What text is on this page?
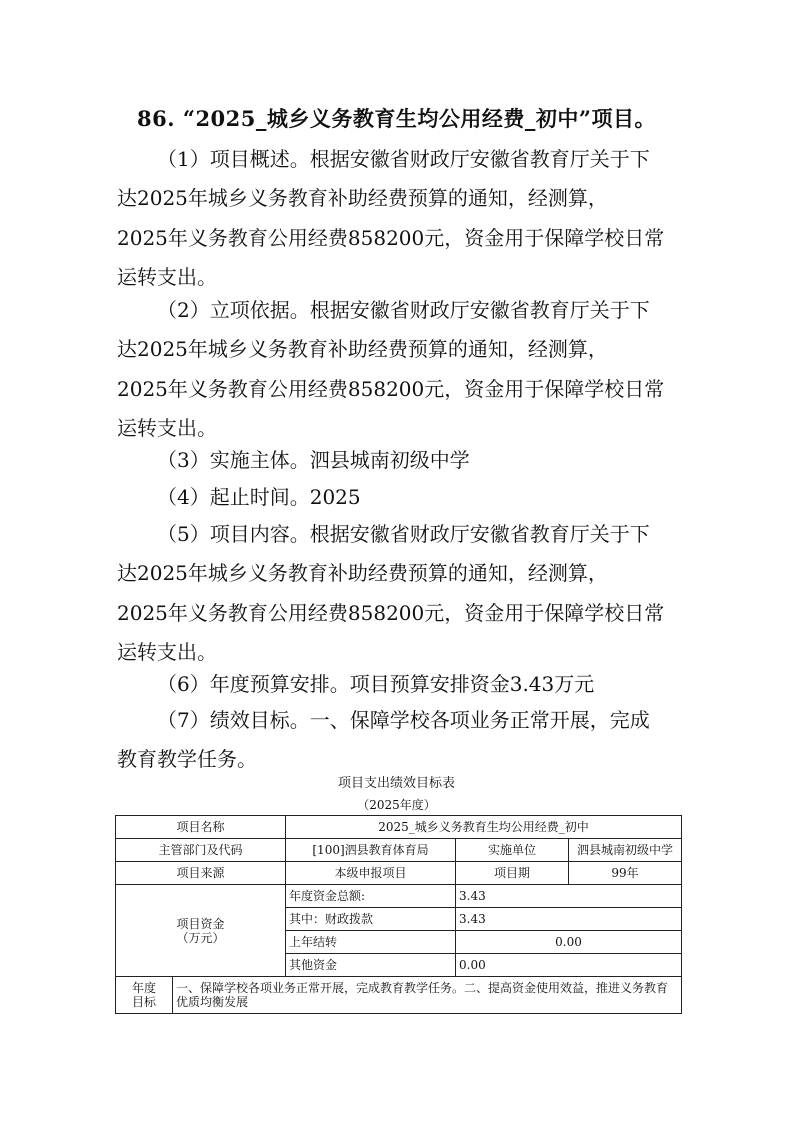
86. “2025_城乡义务教育生均公用经费_初中”项目。

（1）项目概述。根据安徽省财政厅安徽省教育厅关于下

达2025年城乡义务教育补助经费预算的通知，经测算，

2025年义务教育公用经费858200元，资金用于保障学校日常

运转支出。

（2）立项依据。根据安徽省财政厅安徽省教育厅关于下

达2025年城乡义务教育补助经费预算的通知，经测算，

2025年义务教育公用经费858200元，资金用于保障学校日常

运转支出。

（3）实施主体。泗县城南初级中学

（4）起止时间。2025

（5）项目内容。根据安徽省财政厅安徽省教育厅关于下

达2025年城乡义务教育补助经费预算的通知，经测算，

2025年义务教育公用经费858200元，资金用于保障学校日常

运转支出。

（6）年度预算安排。项目预算安排资金3.43万元

（7）绩效目标。一、保障学校各项业务正常开展，完成

教育教学任务。

项目支出绩效目标表
（2025年度）
项目名称		2025_城乡义务教育生均公用经费_初中		
主管部门及代码		[100]泗县教育体育局	实施单位	泗县城南初级中学
项目来源		本级申报项目	项目期	99年

项目资金
（万元）		年度资金总额:	3.43	
		其中：财政拨款	3.43	
		上年结转	0.00	
		其他资金	0.00	

年度
目标	一、保障学校各项业务正常开展，完成教育教学任务。二、提高资金使用效益，推进义务教育优质均衡发展			
